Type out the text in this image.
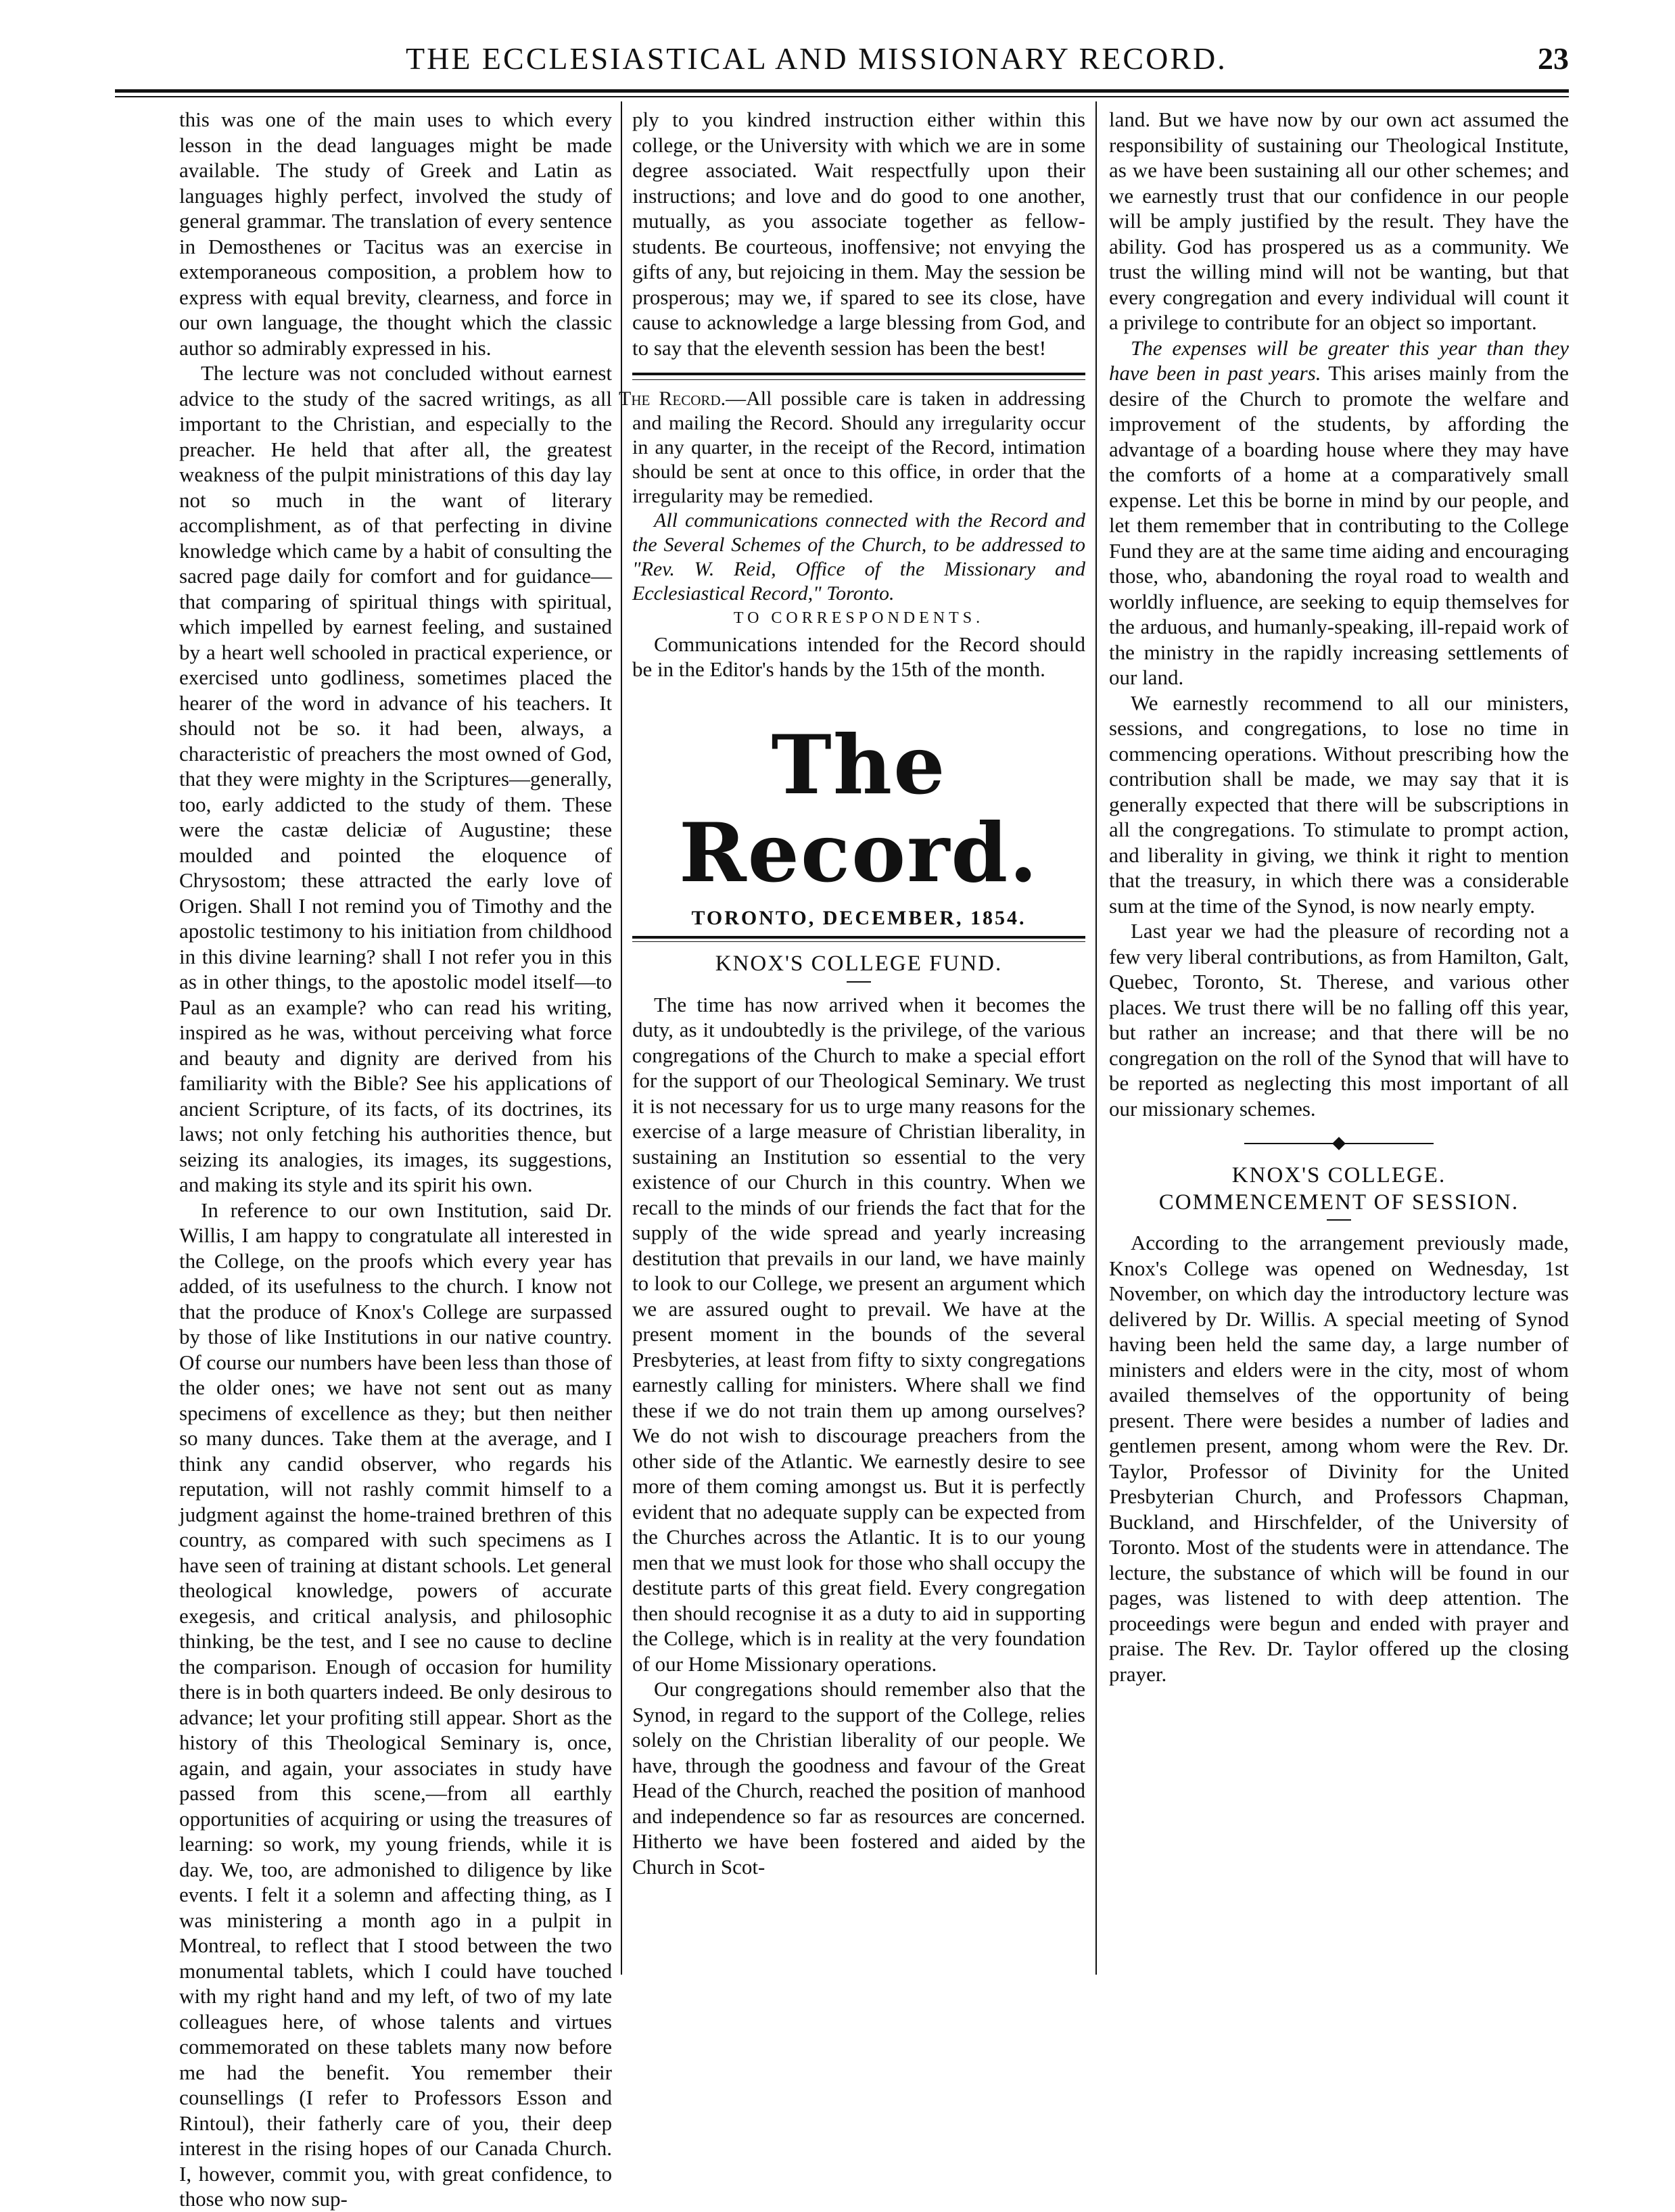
THE ECCLESIASTICAL AND MISSIONARY RECORD.	23

this was one of the main uses to which every lesson in the dead languages might be made available. The study of Greek and Latin as languages highly perfect, involved the study of general grammar. The translation of every sentence in Demosthenes or Tacitus was an exercise in extemporaneous composition, a problem how to express with equal brevity, clearness, and force in our own language, the thought which the classic author so admirably expressed in his.

The lecture was not concluded without earnest advice to the study of the sacred writings, as all important to the Christian, and especially to the preacher. He held that after all, the greatest weakness of the pulpit ministrations of this day lay not so much in the want of literary accomplishment, as of that perfecting in divine knowledge which came by a habit of consulting the sacred page daily for comfort and for guidance—that comparing of spiritual things with spiritual, which impelled by earnest feeling, and sustained by a heart well schooled in practical experience, or exercised unto godliness, sometimes placed the hearer of the word in advance of his teachers. It should not be so. it had been, always, a characteristic of preachers the most owned of God, that they were mighty in the Scriptures—generally, too, early addicted to the study of them. These were the castæ deliciæ of Augustine; these moulded and pointed the eloquence of Chrysostom; these attracted the early love of Origen. Shall I not remind you of Timothy and the apostolic testimony to his initiation from childhood in this divine learning? shall I not refer you in this as in other things, to the apostolic model itself—to Paul as an example? who can read his writing, inspired as he was, without perceiving what force and beauty and dignity are derived from his familiarity with the Bible? See his applications of ancient Scripture, of its facts, of its doctrines, its laws; not only fetching his authorities thence, but seizing its analogies, its images, its suggestions, and making its style and its spirit his own.

In reference to our own Institution, said Dr. Willis, I am happy to congratulate all interested in the College, on the proofs which every year has added, of its usefulness to the church. I know not that the produce of Knox's College are surpassed by those of like Institutions in our native country. Of course our numbers have been less than those of the older ones; we have not sent out as many specimens of excellence as they; but then neither so many dunces. Take them at the average, and I think any candid observer, who regards his reputation, will not rashly commit himself to a judgment against the home-trained brethren of this country, as compared with such specimens as I have seen of training at distant schools. Let general theological knowledge, powers of accurate exegesis, and critical analysis, and philosophic thinking, be the test, and I see no cause to decline the comparison. Enough of occasion for humility there is in both quarters indeed. Be only desirous to advance; let your profiting still appear. Short as the history of this Theological Seminary is, once, again, and again, your associates in study have passed from this scene,—from all earthly opportunities of acquiring or using the treasures of learning: so work, my young friends, while it is day. We, too, are admonished to diligence by like events. I felt it a solemn and affecting thing, as I was ministering a month ago in a pulpit in Montreal, to reflect that I stood between the two monumental tablets, which I could have touched with my right hand and my left, of two of my late colleagues here, of whose talents and virtues commemorated on these tablets many now before me had the benefit. You remember their counsellings (I refer to Professors Esson and Rintoul), their fatherly care of you, their deep interest in the rising hopes of our Canada Church. I, however, commit you, with great confidence, to those who now sup-

ply to you kindred instruction either within this college, or the University with which we are in some degree associated. Wait respectfully upon their instructions; and love and do good to one another, mutually, as you associate together as fellow-students. Be courteous, inoffensive; not envying the gifts of any, but rejoicing in them. May the session be prosperous; may we, if spared to see its close, have cause to acknowledge a large blessing from God, and to say that the eleventh session has been the best!

The Record.—All possible care is taken in addressing and mailing the Record. Should any irregularity occur in any quarter, in the receipt of the Record, intimation should be sent at once to this office, in order that the irregularity may be remedied.

All communications connected with the Record and the Several Schemes of the Church, to be addressed to "Rev. W. Reid, Office of the Missionary and Ecclesiastical Record," Toronto.

TO CORRESPONDENTS.

Communications intended for the Record should be in the Editor's hands by the 15th of the month.

The Record.
TORONTO, DECEMBER, 1854.

KNOX'S COLLEGE FUND.

The time has now arrived when it becomes the duty, as it undoubtedly is the privilege, of the various congregations of the Church to make a special effort for the support of our Theological Seminary. We trust it is not necessary for us to urge many reasons for the exercise of a large measure of Christian liberality, in sustaining an Institution so essential to the very existence of our Church in this country. When we recall to the minds of our friends the fact that for the supply of the wide spread and yearly increasing destitution that prevails in our land, we have mainly to look to our College, we present an argument which we are assured ought to prevail. We have at the present moment in the bounds of the several Presbyteries, at least from fifty to sixty congregations earnestly calling for ministers. Where shall we find these if we do not train them up among ourselves? We do not wish to discourage preachers from the other side of the Atlantic. We earnestly desire to see more of them coming amongst us. But it is perfectly evident that no adequate supply can be expected from the Churches across the Atlantic. It is to our young men that we must look for those who shall occupy the destitute parts of this great field. Every congregation then should recognise it as a duty to aid in supporting the College, which is in reality at the very foundation of our Home Missionary operations.

Our congregations should remember also that the Synod, in regard to the support of the College, relies solely on the Christian liberality of our people. We have, through the goodness and favour of the Great Head of the Church, reached the position of manhood and independence so far as resources are concerned. Hitherto we have been fostered and aided by the Church in Scot-

land. But we have now by our own act assumed the responsibility of sustaining our Theological Institute, as we have been sustaining all our other schemes; and we earnestly trust that our confidence in our people will be amply justified by the result. They have the ability. God has prospered us as a community. We trust the willing mind will not be wanting, but that every congregation and every individual will count it a privilege to contribute for an object so important.

The expenses will be greater this year than they have been in past years. This arises mainly from the desire of the Church to promote the welfare and improvement of the students, by affording the advantage of a boarding house where they may have the comforts of a home at a comparatively small expense. Let this be borne in mind by our people, and let them remember that in contributing to the College Fund they are at the same time aiding and encouraging those, who, abandoning the royal road to wealth and worldly influence, are seeking to equip themselves for the arduous, and humanly-speaking, ill-repaid work of the ministry in the rapidly increasing settlements of our land.

We earnestly recommend to all our ministers, sessions, and congregations, to lose no time in commencing operations. Without prescribing how the contribution shall be made, we may say that it is generally expected that there will be subscriptions in all the congregations. To stimulate to prompt action, and liberality in giving, we think it right to mention that the treasury, in which there was a considerable sum at the time of the Synod, is now nearly empty.

Last year we had the pleasure of recording not a few very liberal contributions, as from Hamilton, Galt, Quebec, Toronto, St. Therese, and various other places. We trust there will be no falling off this year, but rather an increase; and that there will be no congregation on the roll of the Synod that will have to be reported as neglecting this most important of all our missionary schemes.

KNOX'S COLLEGE.

COMMENCEMENT OF SESSION.

According to the arrangement previously made, Knox's College was opened on Wednesday, 1st November, on which day the introductory lecture was delivered by Dr. Willis. A special meeting of Synod having been held the same day, a large number of ministers and elders were in the city, most of whom availed themselves of the opportunity of being present. There were besides a number of ladies and gentlemen present, among whom were the Rev. Dr. Taylor, Professor of Divinity for the United Presbyterian Church, and Professors Chapman, Buckland, and Hirschfelder, of the University of Toronto. Most of the students were in attendance. The lecture, the substance of which will be found in our pages, was listened to with deep attention. The proceedings were begun and ended with prayer and praise. The Rev. Dr. Taylor offered up the closing prayer.
